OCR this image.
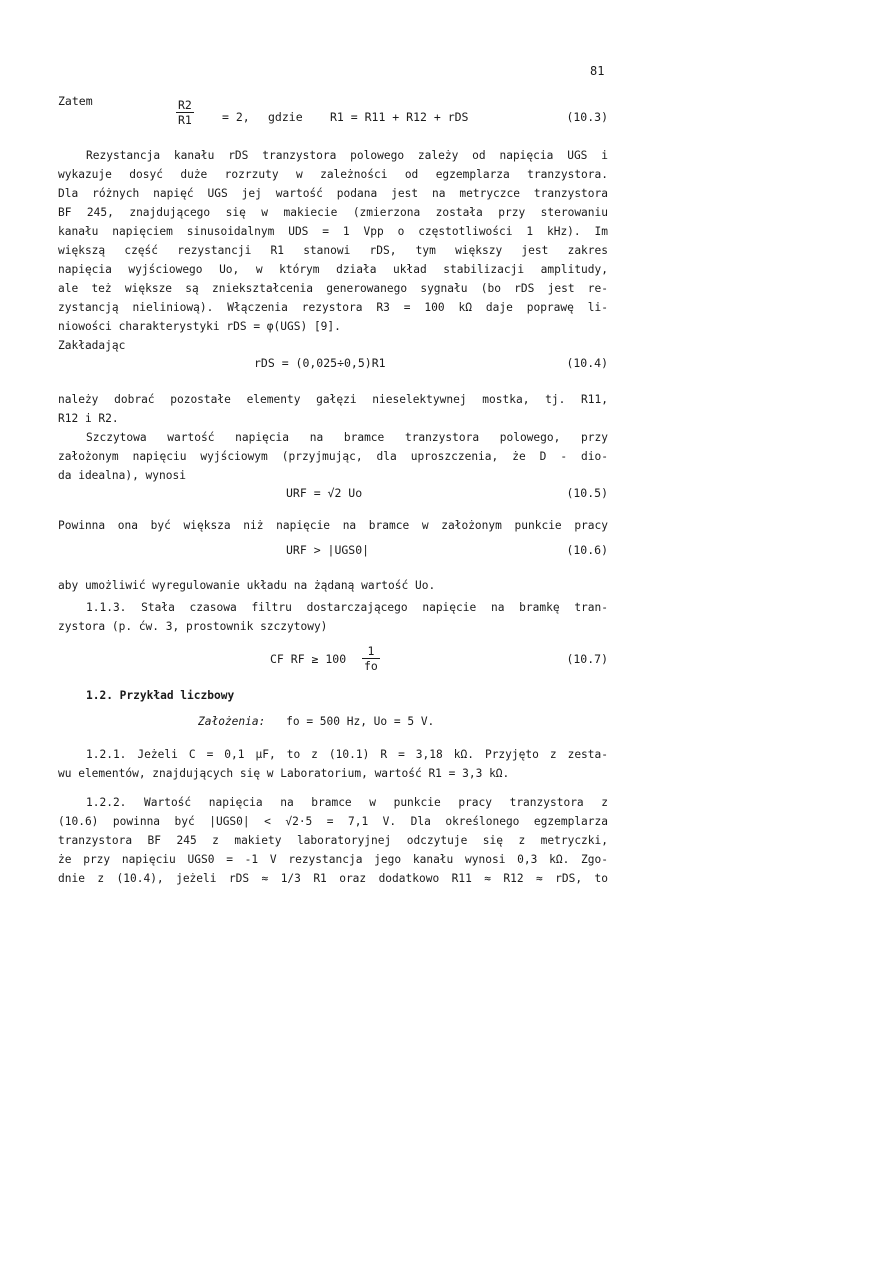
81
Zatem	$\frac{R2}{R1} = 2$, gdzie R1 = R11 + R12 + rDS	(10.3)
Rezystancja kanału rDS tranzystora polowego zależy od napięcia UGS i
wykazuje dosyć duże rozrzuty w zależności od egzemplarza tranzystora.
Dla różnych napięć UGS jej wartość podana jest na metryczce tranzystora
BF 245, znajdującego się w makiecie (zmierzona została przy sterowaniu
kanału napięciem sinusoidalnym UDS = 1 Vpp o częstotliwości 1 kHz). Im
większą część rezystancji R1 stanowi rDS, tym większy jest zakres
napięcia wyjściowego Uo, w którym działa układ stabilizacji amplitudy,
ale też większe są zniekształcenia generowanego sygnału (bo rDS jest re-
zystancją nieliniową). Włączenia rezystora R3 = 100 kΩ daje poprawę li-
niowości charakterystyki rDS = φ(UGS) [9].
Zakładając
rDS = (0,025÷0,5)R1	(10.4)
należy dobrać pozostałe elementy gałęzi nieselektywnej mostka, tj. R11,
R12 i R2.
Szczytowa wartość napięcia na bramce tranzystora polowego, przy
założonym napięciu wyjściowym (przyjmując, dla uproszczenia, że D - dio-
da idealna), wynosi
URF = √2 Uo	(10.5)
Powinna ona być większa niż napięcie na bramce w założonym punkcie pracy
URF > |UGS0|	(10.6)
aby umożliwić wyregulowanie układu na żądaną wartość Uo.
1.1.3. Stała czasowa filtru dostarczającego napięcie na bramkę tran-
zystora (p. ćw. 3, prostownik szczytowy)
CF RF ≥ $100 \frac{1}{fo}$	(10.7)
1.2. Przykład liczbowy
Założenia: fo = 500 Hz, Uo = 5 V.
1.2.1. Jeżeli C = 0,1 μF, to z (10.1) R = 3,18 kΩ. Przyjęto z zesta-
wu elementów, znajdujących się w Laboratorium, wartość R1 = 3,3 kΩ.
1.2.2. Wartość napięcia na bramce w punkcie pracy tranzystora z
(10.6) powinna być |UGS0| < √2·5 = 7,1 V. Dla określonego egzemplarza
tranzystora BF 245 z makiety laboratoryjnej odczytuje się z metryczki,
że przy napięciu UGS0 = -1 V rezystancja jego kanału wynosi 0,3 kΩ. Zgo-
dnie z (10.4), jeżeli rDS ≈ 1/3 R1 oraz dodatkowo R11 ≈ R12 ≈ rDS, to
